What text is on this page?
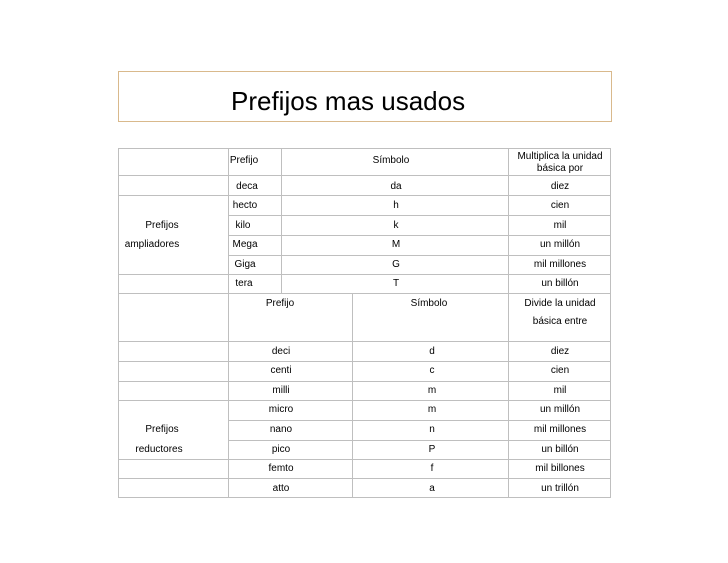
Prefijos mas usados
Prefijo	Símbolo	Multiplica la unidad básica por
deca	da	diez
hecto	h	cien
Prefijos	kilo	k	mil
ampliadores	Mega	M	un millón
Giga	G	mil millones
tera	T	un billón
Prefijo	Símbolo	Divide la unidad
básica entre
deci	d	diez
centi	c	cien
milli	m	mil
micro	m	un millón
Prefijos	nano	n	mil millones
reductores	pico	P	un billón
femto	f	mil billones
atto	a	un trillón
